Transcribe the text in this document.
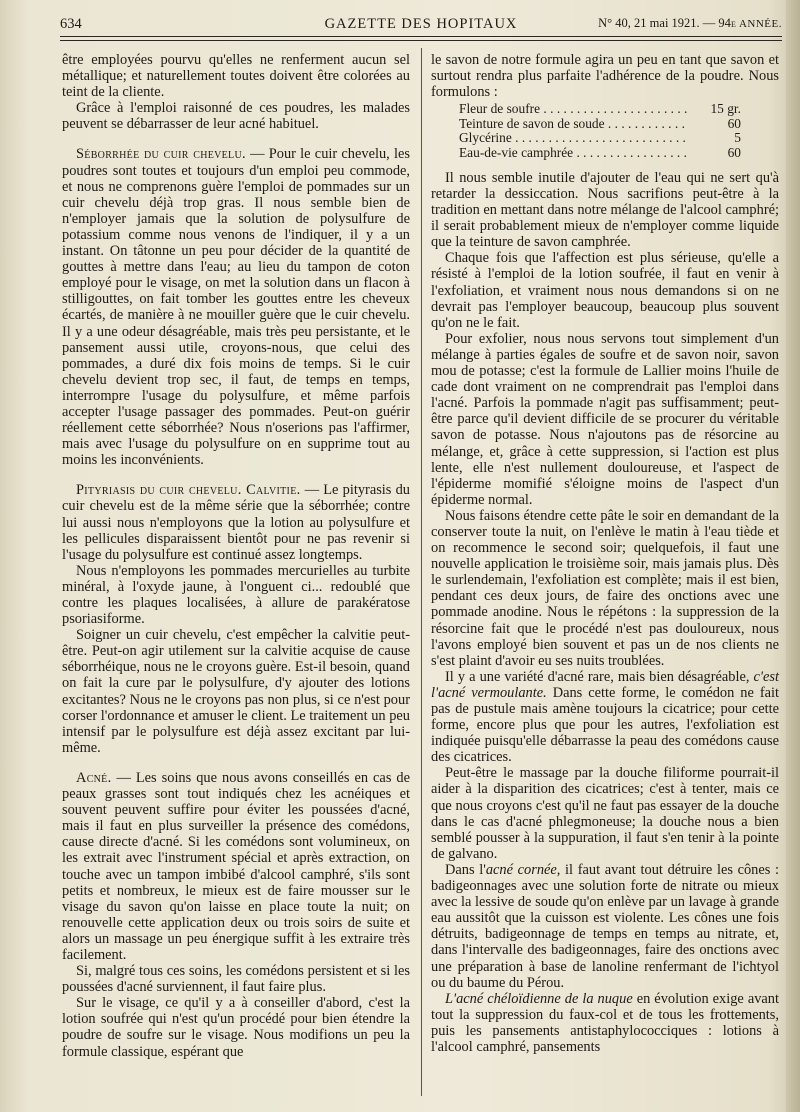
634	GAZETTE DES HOPITAUX	N° 40, 21 mai 1921. — 94e ANNÉE.

être employées pourvu qu'elles ne renferment aucun sel métallique; et naturellement toutes doivent être colorées au teint de la cliente.

Grâce à l'emploi raisonné de ces poudres, les malades peuvent se débarrasser de leur acné habituel.

Séborrhée du cuir chevelu. — Pour le cuir chevelu, les poudres sont toutes et toujours d'un emploi peu commode, et nous ne comprenons guère l'emploi de pommades sur un cuir chevelu déjà trop gras. Il nous semble bien de n'employer jamais que la solution de polysulfure de potassium comme nous venons de l'indiquer, il y a un instant. On tâtonne un peu pour décider de la quantité de gouttes à mettre dans l'eau; au lieu du tampon de coton employé pour le visage, on met la solution dans un flacon à stilligouttes, on fait tomber les gouttes entre les cheveux écartés, de manière à ne mouiller guère que le cuir chevelu. Il y a une odeur désagréable, mais très peu persistante, et le pansement aussi utile, croyons-nous, que celui des pommades, a duré dix fois moins de temps. Si le cuir chevelu devient trop sec, il faut, de temps en temps, interrompre l'usage du polysulfure, et même parfois accepter l'usage passager des pommades. Peut-on guérir réellement cette séborrhée? Nous n'oserions pas l'affirmer, mais avec l'usage du polysulfure on en supprime tout au moins les inconvénients.

Pityriasis du cuir chevelu. Calvitie. — Le pityrasis du cuir chevelu est de la même série que la séborrhée; contre lui aussi nous n'employons que la lotion au polysulfure et les pellicules disparaissent bientôt pour ne pas revenir si l'usage du polysulfure est continué assez longtemps.

Nous n'employons les pommades mercurielles au turbite minéral, à l'oxyde jaune, à l'onguent ci... redoublé que contre les plaques localisées, à allure de parakératose psoriasiforme.

Soigner un cuir chevelu, c'est empêcher la calvitie peut-être. Peut-on agir utilement sur la calvitie acquise de cause séborrhéique, nous ne le croyons guère. Est-il besoin, quand on fait la cure par le polysulfure, d'y ajouter des lotions excitantes? Nous ne le croyons pas non plus, si ce n'est pour corser l'ordonnance et amuser le client. Le traitement un peu intensif par le polysulfure est déjà assez excitant par lui-même.

Acné. — Les soins que nous avons conseillés en cas de peaux grasses sont tout indiqués chez les acnéiques et souvent peuvent suffire pour éviter les poussées d'acné, mais il faut en plus surveiller la présence des comédons, cause directe d'acné. Si les comédons sont volumineux, on les extrait avec l'instrument spécial et après extraction, on touche avec un tampon imbibé d'alcool camphré, s'ils sont petits et nombreux, le mieux est de faire mousser sur le visage du savon qu'on laisse en place toute la nuit; on renouvelle cette application deux ou trois soirs de suite et alors un massage un peu énergique suffit à les extraire très facilement.

Si, malgré tous ces soins, les comédons persistent et si les poussées d'acné surviennent, il faut faire plus.

Sur le visage, ce qu'il y a à conseiller d'abord, c'est la lotion soufrée qui n'est qu'un procédé pour bien étendre la poudre de soufre sur le visage. Nous modifions un peu la formule classique, espérant que

le savon de notre formule agira un peu en tant que savon et surtout rendra plus parfaite l'adhérence de la poudre. Nous formulons :

Fleur de soufre . . .	15 gr.
Teinture de savon de soude . . .	60
Glycérine . . .	5
Eau-de-vie camphrée . . .	60

Il nous semble inutile d'ajouter de l'eau qui ne sert qu'à retarder la dessiccation. Nous sacrifions peut-être à la tradition en mettant dans notre mélange de l'alcool camphré; il serait probablement mieux de n'employer comme liquide que la teinture de savon camphrée.

Chaque fois que l'affection est plus sérieuse, qu'elle a résisté à l'emploi de la lotion soufrée, il faut en venir à l'exfoliation, et vraiment nous nous demandons si on ne devrait pas l'employer beaucoup, beaucoup plus souvent qu'on ne le fait.

Pour exfolier, nous nous servons tout simplement d'un mélange à parties égales de soufre et de savon noir, savon mou de potasse; c'est la formule de Lallier moins l'huile de cade dont vraiment on ne comprendrait pas l'emploi dans l'acné. Parfois la pommade n'agit pas suffisamment; peut-être parce qu'il devient difficile de se procurer du véritable savon de potasse. Nous n'ajoutons pas de résorcine au mélange, et, grâce à cette suppression, si l'action est plus lente, elle n'est nullement douloureuse, et l'aspect de l'épiderme momifié s'éloigne moins de l'aspect d'un épiderme normal.

Nous faisons étendre cette pâte le soir en demandant de la conserver toute la nuit, on l'enlève le matin à l'eau tiède et on recommence le second soir; quelquefois, il faut une nouvelle application le troisième soir, mais jamais plus. Dès le surlendemain, l'exfoliation est complète; mais il est bien, pendant ces deux jours, de faire des onctions avec une pommade anodine. Nous le répétons : la suppression de la résorcine fait que le procédé n'est pas douloureux, nous l'avons employé bien souvent et pas un de nos clients ne s'est plaint d'avoir eu ses nuits troublées.

Il y a une variété d'acné rare, mais bien désagréable, c'est l'acné vermoulante. Dans cette forme, le comédon ne fait pas de pustule mais amène toujours la cicatrice; pour cette forme, encore plus que pour les autres, l'exfoliation est indiquée puisqu'elle débarrasse la peau des comédons cause des cicatrices.

Peut-être le massage par la douche filiforme pourrait-il aider à la disparition des cicatrices; c'est à tenter, mais ce que nous croyons c'est qu'il ne faut pas essayer de la douche dans le cas d'acné phlegmoneuse; la douche nous a bien semblé pousser à la suppuration, il faut s'en tenir à la pointe de galvano.

Dans l'acné cornée, il faut avant tout détruire les cônes : badigeonnages avec une solution forte de nitrate ou mieux avec la lessive de soude qu'on enlève par un lavage à grande eau aussitôt que la cuisson est violente. Les cônes une fois détruits, badigeonnage de temps en temps au nitrate, et, dans l'intervalle des badigeonnages, faire des onctions avec une préparation à base de lanoline renfermant de l'ichtyol ou du baume du Pérou.

L'acné chéloïdienne de la nuque en évolution exige avant tout la suppression du faux-col et de tous les frottements, puis les pansements antistaphylococciques : lotions à l'alcool camphré, pansements
